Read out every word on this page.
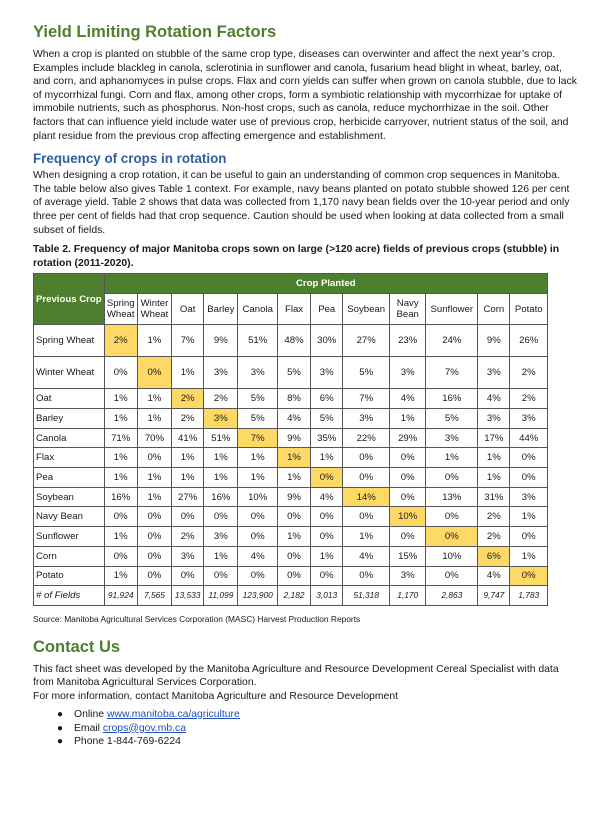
Yield Limiting Rotation Factors

When a crop is planted on stubble of the same crop type, diseases can overwinter and affect the next year’s crop. Examples include blackleg in canola, sclerotinia in sunflower and canola, fusarium head blight in wheat, barley, oat, and corn, and aphanomyces in pulse crops. Flax and corn yields can suffer when grown on canola stubble, due to lack of mycorrhizal fungi. Corn and flax, among other crops, form a symbiotic relationship with mycorrhizae for uptake of immobile nutrients, such as phosphorus. Non-host crops, such as canola, reduce mychorrhizae in the soil. Other factors that can influence yield include water use of previous crop, herbicide carryover, nutrient status of the soil, and plant residue from the previous crop affecting emergence and establishment.

Frequency of crops in rotation

When designing a crop rotation, it can be useful to gain an understanding of common crop sequences in Manitoba. The table below also gives Table 1 context. For example, navy beans planted on potato stubble showed 126 per cent of average yield. Table 2 shows that data was collected from 1,170 navy bean fields over the 10-year period and only three per cent of fields had that crop sequence. Caution should be used when looking at data collected from a small subset of fields.

Table 2. Frequency of major Manitoba crops sown on large (>120 acre) fields of previous crops (stubble) in rotation (2011-2020).
Previous Crop	Crop Planted											
	Spring Wheat	Winter Wheat	Oat	Barley	Canola	Flax	Pea	Soybean	Navy Bean	Sunflower	Corn	Potato
Spring Wheat	2%	1%	7%	9%	51%	48%	30%	27%	23%	24%	9%	26%
Winter Wheat	0%	0%	1%	3%	3%	5%	3%	5%	3%	7%	3%	2%
Oat	1%	1%	2%	2%	5%	8%	6%	7%	4%	16%	4%	2%
Barley	1%	1%	2%	3%	5%	4%	5%	3%	1%	5%	3%	3%
Canola	71%	70%	41%	51%	7%	9%	35%	22%	29%	3%	17%	44%
Flax	1%	0%	1%	1%	1%	1%	1%	0%	0%	1%	1%	0%
Pea	1%	1%	1%	1%	1%	1%	0%	0%	0%	0%	1%	0%
Soybean	16%	1%	27%	16%	10%	9%	4%	14%	0%	13%	31%	3%
Navy Bean	0%	0%	0%	0%	0%	0%	0%	0%	10%	0%	2%	1%
Sunflower	1%	0%	2%	3%	0%	1%	0%	1%	0%	0%	2%	0%
Corn	0%	0%	3%	1%	4%	0%	1%	4%	15%	10%	6%	1%
Potato	1%	0%	0%	0%	0%	0%	0%	0%	3%	0%	4%	0%
# of Fields	91,924	7,565	13,533	11,099	123,900	2,182	3,013	51,318	1,170	2,863	9,747	1,783
Source: Manitoba Agricultural Services Corporation (MASC) Harvest Production Reports
Contact Us

This fact sheet was developed by the Manitoba Agriculture and Resource Development Cereal Specialist with data from Manitoba Agricultural Services Corporation.

For more information, contact Manitoba Agriculture and Resource Development

● Online www.manitoba.ca/agriculture
● Email crops@gov.mb.ca
● Phone 1-844-769-6224
